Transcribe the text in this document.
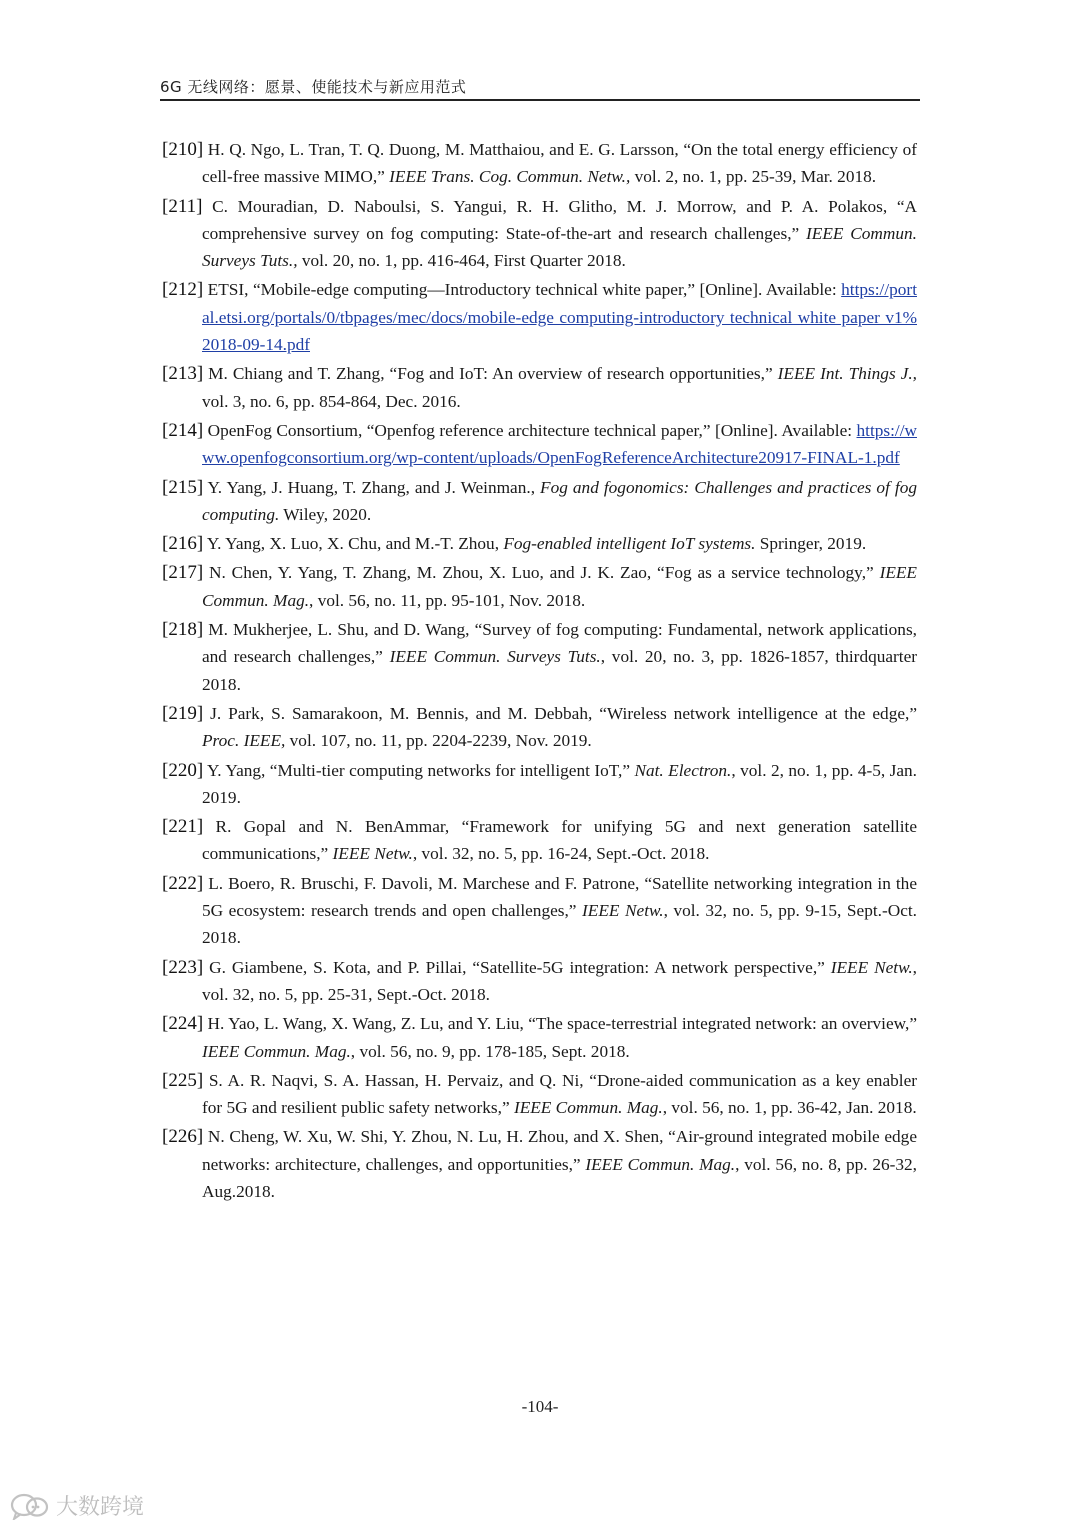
6G 无线网络：愿景、使能技术与新应用范式
[210] H. Q. Ngo, L. Tran, T. Q. Duong, M. Matthaiou, and E. G. Larsson, “On the total energy efficiency of cell-free massive MIMO,” IEEE Trans. Cog. Commun. Netw., vol. 2, no. 1, pp. 25-39, Mar. 2018.
[211] C. Mouradian, D. Naboulsi, S. Yangui, R. H. Glitho, M. J. Morrow, and P. A. Polakos, “A comprehensive survey on fog computing: State-of-the-art and research challenges,” IEEE Commun. Surveys Tuts., vol. 20, no. 1, pp. 416-464, First Quarter 2018.
[212] ETSI, “Mobile-edge computing—Introductory technical white paper,” [Online]. Available: https://portal.etsi.org/portals/0/tbpages/mec/docs/mobile-edge computing-introductory technical white paper v1%2018-09-14.pdf
[213] M. Chiang and T. Zhang, “Fog and IoT: An overview of research opportunities,” IEEE Int. Things J., vol. 3, no. 6, pp. 854-864, Dec. 2016.
[214] OpenFog Consortium, “Openfog reference architecture technical paper,” [Online]. Available: https://www.openfogconsortium.org/wp-content/uploads/OpenFogReferenceArchitecture20917-FINAL-1.pdf
[215] Y. Yang, J. Huang, T. Zhang, and J. Weinman., Fog and fogonomics: Challenges and practices of fog computing. Wiley, 2020.
[216] Y. Yang, X. Luo, X. Chu, and M.-T. Zhou, Fog-enabled intelligent IoT systems. Springer, 2019.
[217] N. Chen, Y. Yang, T. Zhang, M. Zhou, X. Luo, and J. K. Zao, “Fog as a service technology,” IEEE Commun. Mag., vol. 56, no. 11, pp. 95-101, Nov. 2018.
[218] M. Mukherjee, L. Shu, and D. Wang, “Survey of fog computing: Fundamental, network applications, and research challenges,” IEEE Commun. Surveys Tuts., vol. 20, no. 3, pp. 1826-1857, thirdquarter 2018.
[219] J. Park, S. Samarakoon, M. Bennis, and M. Debbah, “Wireless network intelligence at the edge,” Proc. IEEE, vol. 107, no. 11, pp. 2204-2239, Nov. 2019.
[220] Y. Yang, “Multi-tier computing networks for intelligent IoT,” Nat. Electron., vol. 2, no. 1, pp. 4-5, Jan. 2019.
[221] R. Gopal and N. BenAmmar, “Framework for unifying 5G and next generation satellite communications,” IEEE Netw., vol. 32, no. 5, pp. 16-24, Sept.-Oct. 2018.
[222] L. Boero, R. Bruschi, F. Davoli, M. Marchese and F. Patrone, “Satellite networking integration in the 5G ecosystem: research trends and open challenges,” IEEE Netw., vol. 32, no. 5, pp. 9-15, Sept.-Oct. 2018.
[223] G. Giambene, S. Kota, and P. Pillai, “Satellite-5G integration: A network perspective,” IEEE Netw., vol. 32, no. 5, pp. 25-31, Sept.-Oct. 2018.
[224] H. Yao, L. Wang, X. Wang, Z. Lu, and Y. Liu, “The space-terrestrial integrated network: an overview,” IEEE Commun. Mag., vol. 56, no. 9, pp. 178-185, Sept. 2018.
[225] S. A. R. Naqvi, S. A. Hassan, H. Pervaiz, and Q. Ni, “Drone-aided communication as a key enabler for 5G and resilient public safety networks,” IEEE Commun. Mag., vol. 56, no. 1, pp. 36-42, Jan. 2018.
[226] N. Cheng, W. Xu, W. Shi, Y. Zhou, N. Lu, H. Zhou, and X. Shen, “Air-ground integrated mobile edge networks: architecture, challenges, and opportunities,” IEEE Commun. Mag., vol. 56, no. 8, pp. 26-32, Aug.2018.
-104-
大数跨境
